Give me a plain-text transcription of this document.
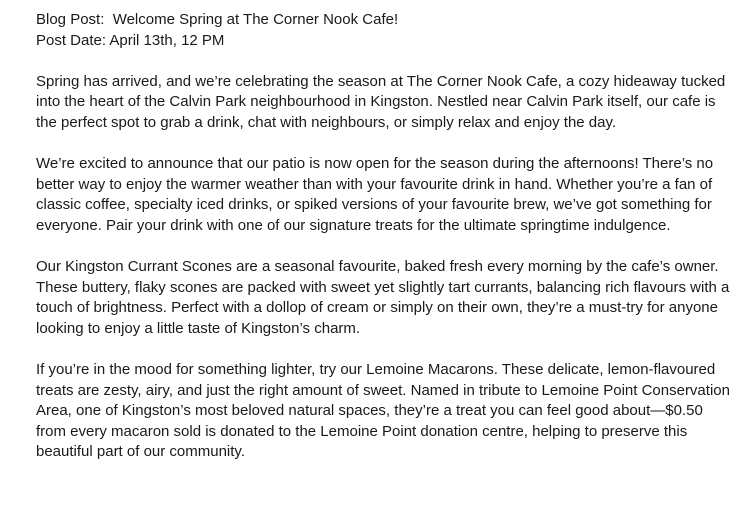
Blog Post:  Welcome Spring at The Corner Nook Cafe!

Post Date: April 13th, 12 PM

Spring has arrived, and we’re celebrating the season at The Corner Nook Cafe, a cozy hideaway tucked into the heart of the Calvin Park neighbourhood in Kingston. Nestled near Calvin Park itself, our cafe is the perfect spot to grab a drink, chat with neighbours, or simply relax and enjoy the day.

We’re excited to announce that our patio is now open for the season during the afternoons! There’s no better way to enjoy the warmer weather than with your favourite drink in hand. Whether you’re a fan of classic coffee, specialty iced drinks, or spiked versions of your favourite brew, we’ve got something for everyone. Pair your drink with one of our signature treats for the ultimate springtime indulgence.

Our Kingston Currant Scones are a seasonal favourite, baked fresh every morning by the cafe’s owner. These buttery, flaky scones are packed with sweet yet slightly tart currants, balancing rich flavours with a touch of brightness. Perfect with a dollop of cream or simply on their own, they’re a must-try for anyone looking to enjoy a little taste of Kingston’s charm.

If you’re in the mood for something lighter, try our Lemoine Macarons. These delicate, lemon-flavoured treats are zesty, airy, and just the right amount of sweet. Named in tribute to Lemoine Point Conservation Area, one of Kingston’s most beloved natural spaces, they’re a treat you can feel good about—$0.50 from every macaron sold is donated to the Lemoine Point donation centre, helping to preserve this beautiful part of our community.
